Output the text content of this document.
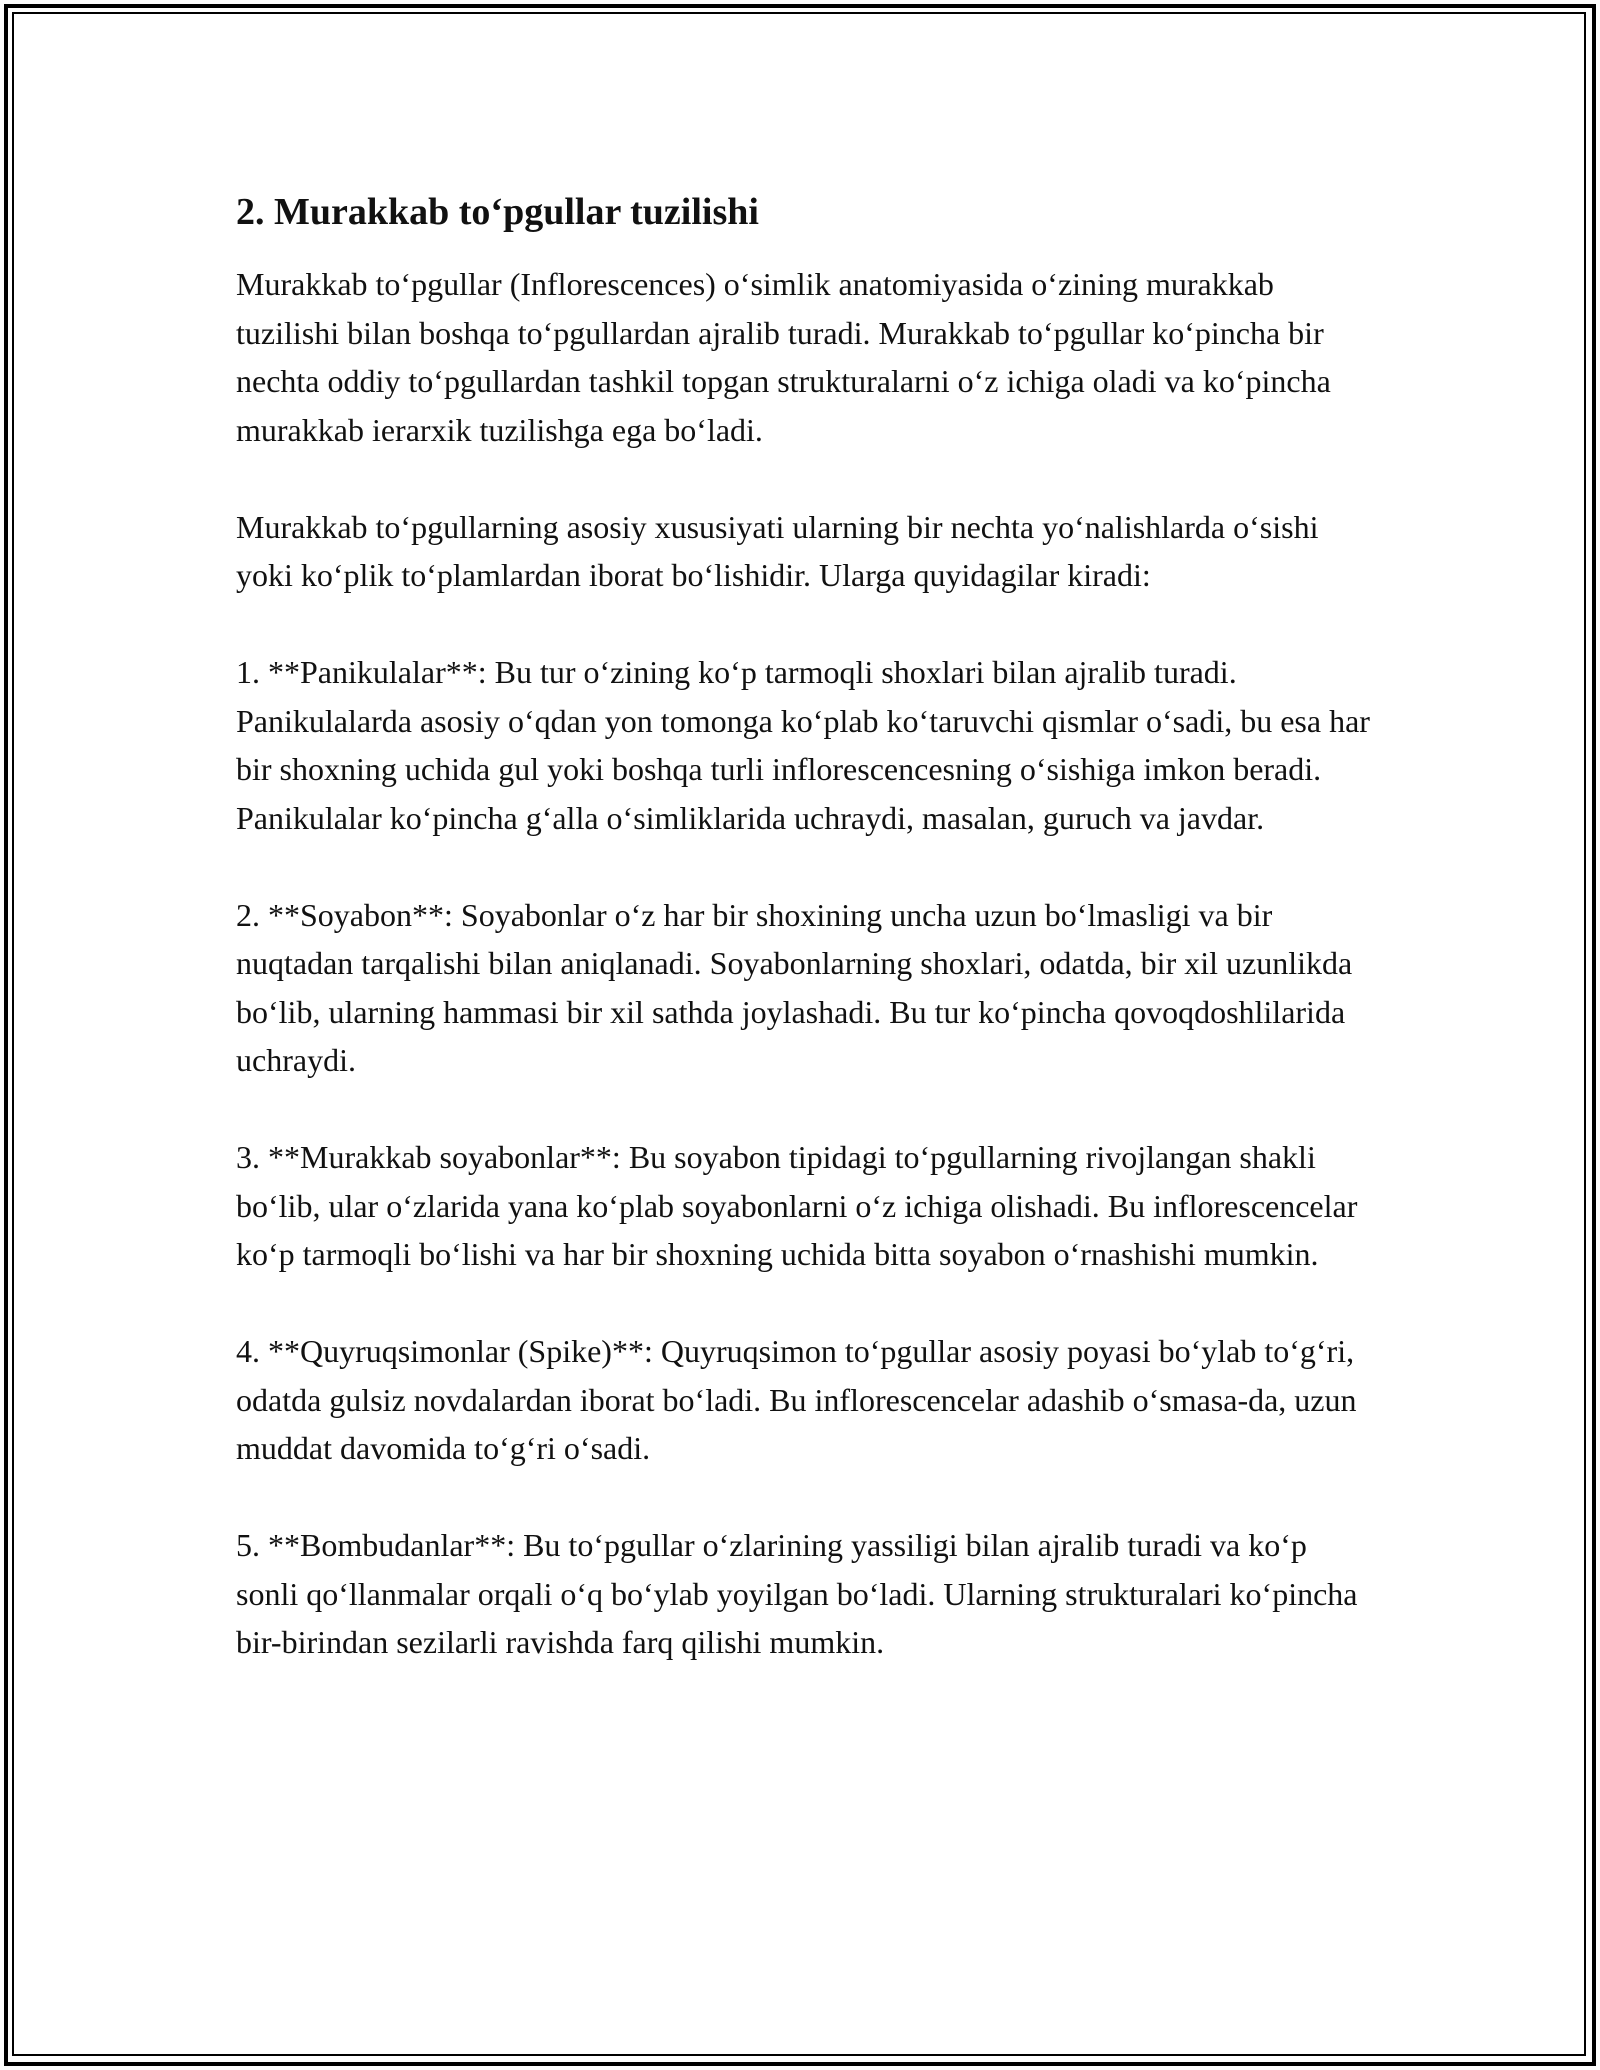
2. Murakkab to‘pgullar tuzilishi

Murakkab to‘pgullar (Inflorescences) o‘simlik anatomiyasida o‘zining murakkab tuzilishi bilan boshqa to‘pgullardan ajralib turadi. Murakkab to‘pgullar ko‘pincha bir nechta oddiy to‘pgullardan tashkil topgan strukturalarni o‘z ichiga oladi va ko‘pincha murakkab ierarxik tuzilishga ega bo‘ladi.

Murakkab to‘pgullarning asosiy xususiyati ularning bir nechta yo‘nalishlarda o‘sishi yoki ko‘plik to‘plamlardan iborat bo‘lishidir. Ularga quyidagilar kiradi:

1. **Panikulalar**: Bu tur o‘zining ko‘p tarmoqli shoxlari bilan ajralib turadi. Panikulalarda asosiy o‘qdan yon tomonga ko‘plab ko‘taruvchi qismlar o‘sadi, bu esa har bir shoxning uchida gul yoki boshqa turli inflorescencesning o‘sishiga imkon beradi. Panikulalar ko‘pincha g‘alla o‘simliklarida uchraydi, masalan, guruch va javdar.

2. **Soyabon**: Soyabonlar o‘z har bir shoxining uncha uzun bo‘lmasligi va bir nuqtadan tarqalishi bilan aniqlanadi. Soyabonlarning shoxlari, odatda, bir xil uzunlikda bo‘lib, ularning hammasi bir xil sathda joylashadi. Bu tur ko‘pincha qovoqdoshlilarida uchraydi.

3. **Murakkab soyabonlar**: Bu soyabon tipidagi to‘pgullarning rivojlangan shakli bo‘lib, ular o‘zlarida yana ko‘plab soyabonlarni o‘z ichiga olishadi. Bu inflorescencelar ko‘p tarmoqli bo‘lishi va har bir shoxning uchida bitta soyabon o‘rnashishi mumkin.

4. **Quyruqsimonlar (Spike)**: Quyruqsimon to‘pgullar asosiy poyasi bo‘ylab to‘g‘ri, odatda gulsiz novdalardan iborat bo‘ladi. Bu inflorescencelar adashib o‘smasa-da, uzun muddat davomida to‘g‘ri o‘sadi.

5. **Bombudanlar**: Bu to‘pgullar o‘zlarining yassiligi bilan ajralib turadi va ko‘p sonli qo‘llanmalar orqali o‘q bo‘ylab yoyilgan bo‘ladi. Ularning strukturalari ko‘pincha bir-birindan sezilarli ravishda farq qilishi mumkin.
